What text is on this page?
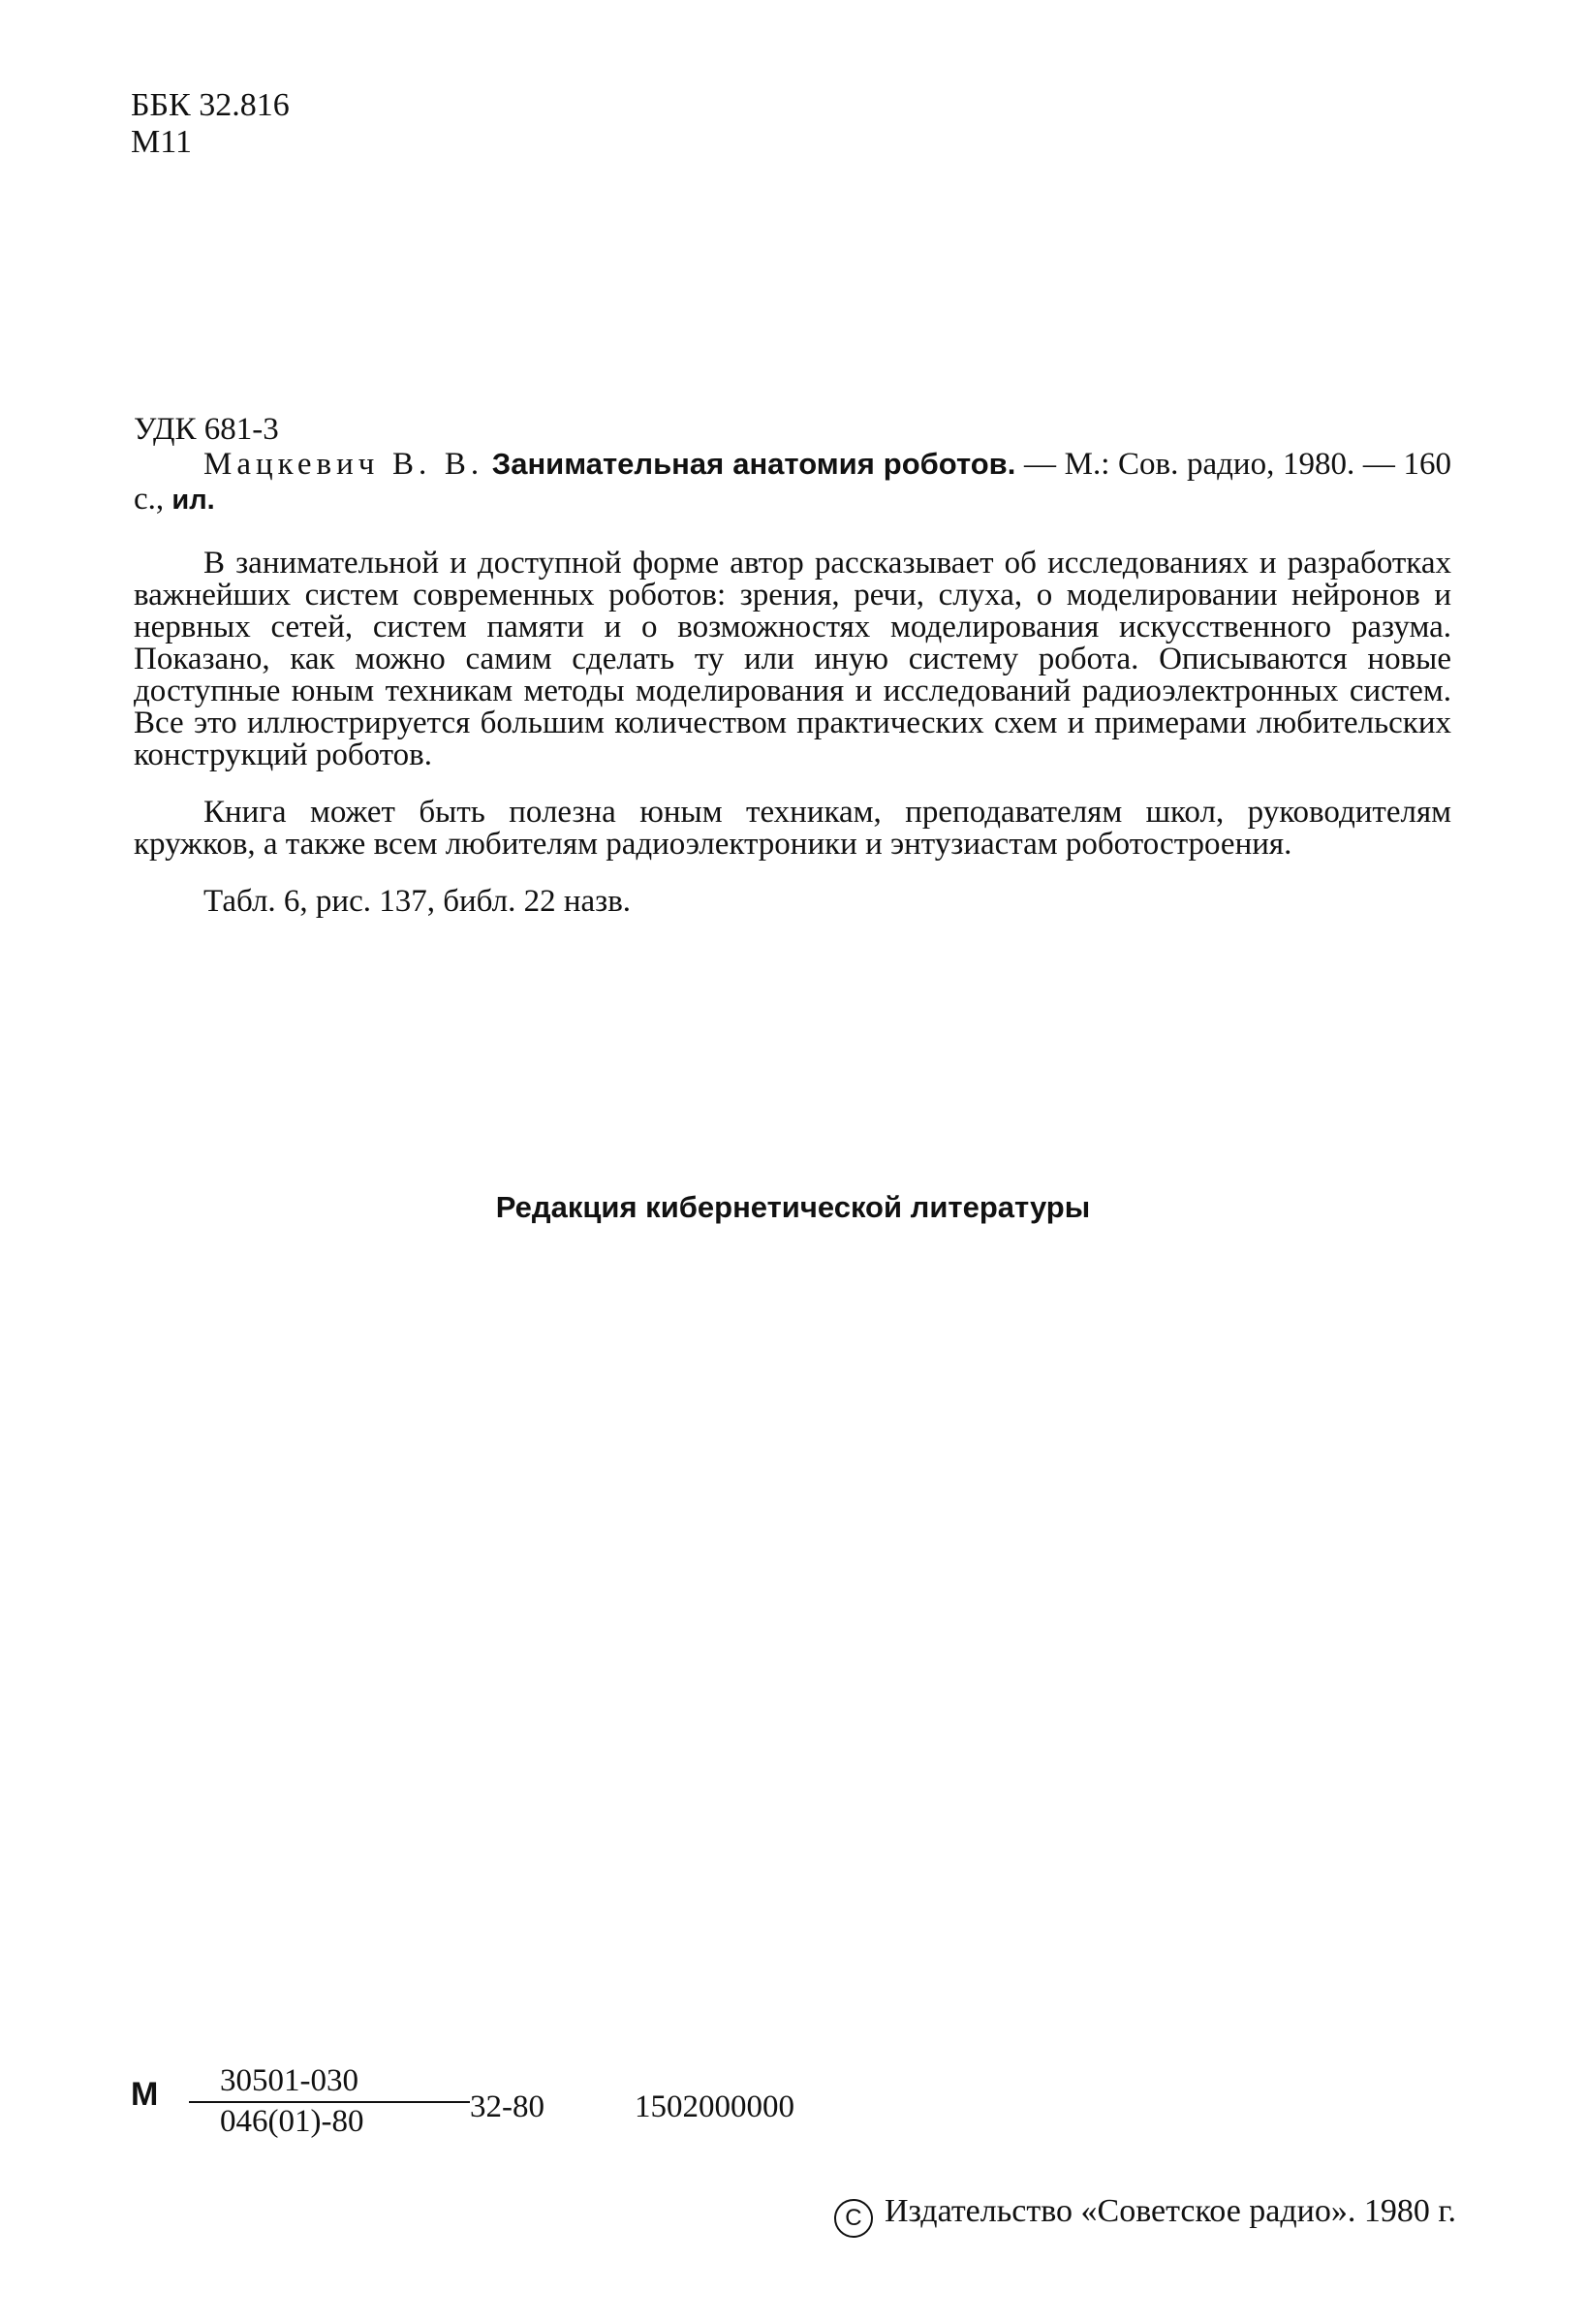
ББК 32.816
М11
УДК 681-3
Мацкевич В. В. Занимательная анатомия роботов. — М.: Сов. радио, 1980. — 160 с., ил.

В занимательной и доступной форме автор рассказывает об исследованиях и разработках важнейших систем современных роботов: зрения, речи, слуха, о моделировании нейронов и нервных сетей, систем памяти и о возможностях моделирования искусственного разума. Показано, как можно самим сделать ту или иную систему робота. Описываются новые доступные юным техникам методы моделирования и исследований радиоэлектронных систем. Все это иллюстрируется большим количеством практических схем и примерами любительских конструкций роботов.

Книга может быть полезна юным техникам, преподавателям школ, руководителям кружков, а также всем любителям радиоэлектроники и энтузиастам роботостроения.

Табл. 6, рис. 137, библ. 22 назв.

Редакция кибернетической литературы
М	30501-030
046(01)-80	32-80	1502000000
C Издательство «Советское радио». 1980 г.
